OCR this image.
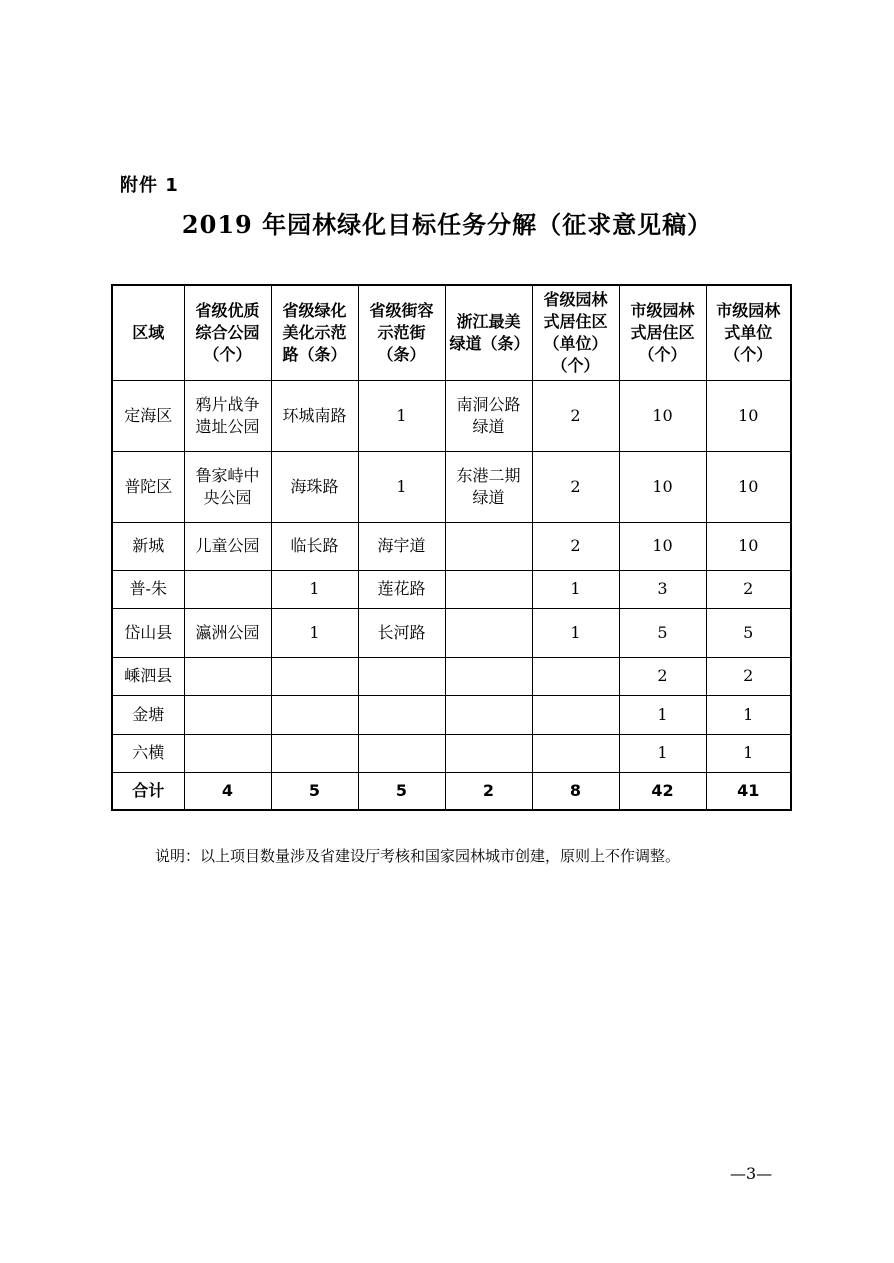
附件 1
2019 年园林绿化目标任务分解（征求意见稿）
区域	省级优质综合公园（个）	省级绿化美化示范路（条）	省级街容示范街（条）	浙江最美绿道（条）	省级园林式居住区（单位）（个）	市级园林式居住区（个）	市级园林式单位（个）
定海区	鸦片战争遗址公园	环城南路	1	南洞公路绿道	2	10	10
普陀区	鲁家峙中央公园	海珠路	1	东港二期绿道	2	10	10
新城	儿童公园	临长路	海宇道		2	10	10
普-朱		1	莲花路		1	3	2
岱山县	瀛洲公园	1	长河路		1	5	5
嵊泗县						2	2
金塘						1	1
六横						1	1
合计	4	5	5	2	8	42	41
说明：以上项目数量涉及省建设厅考核和国家园林城市创建，原则上不作调整。
—3—
